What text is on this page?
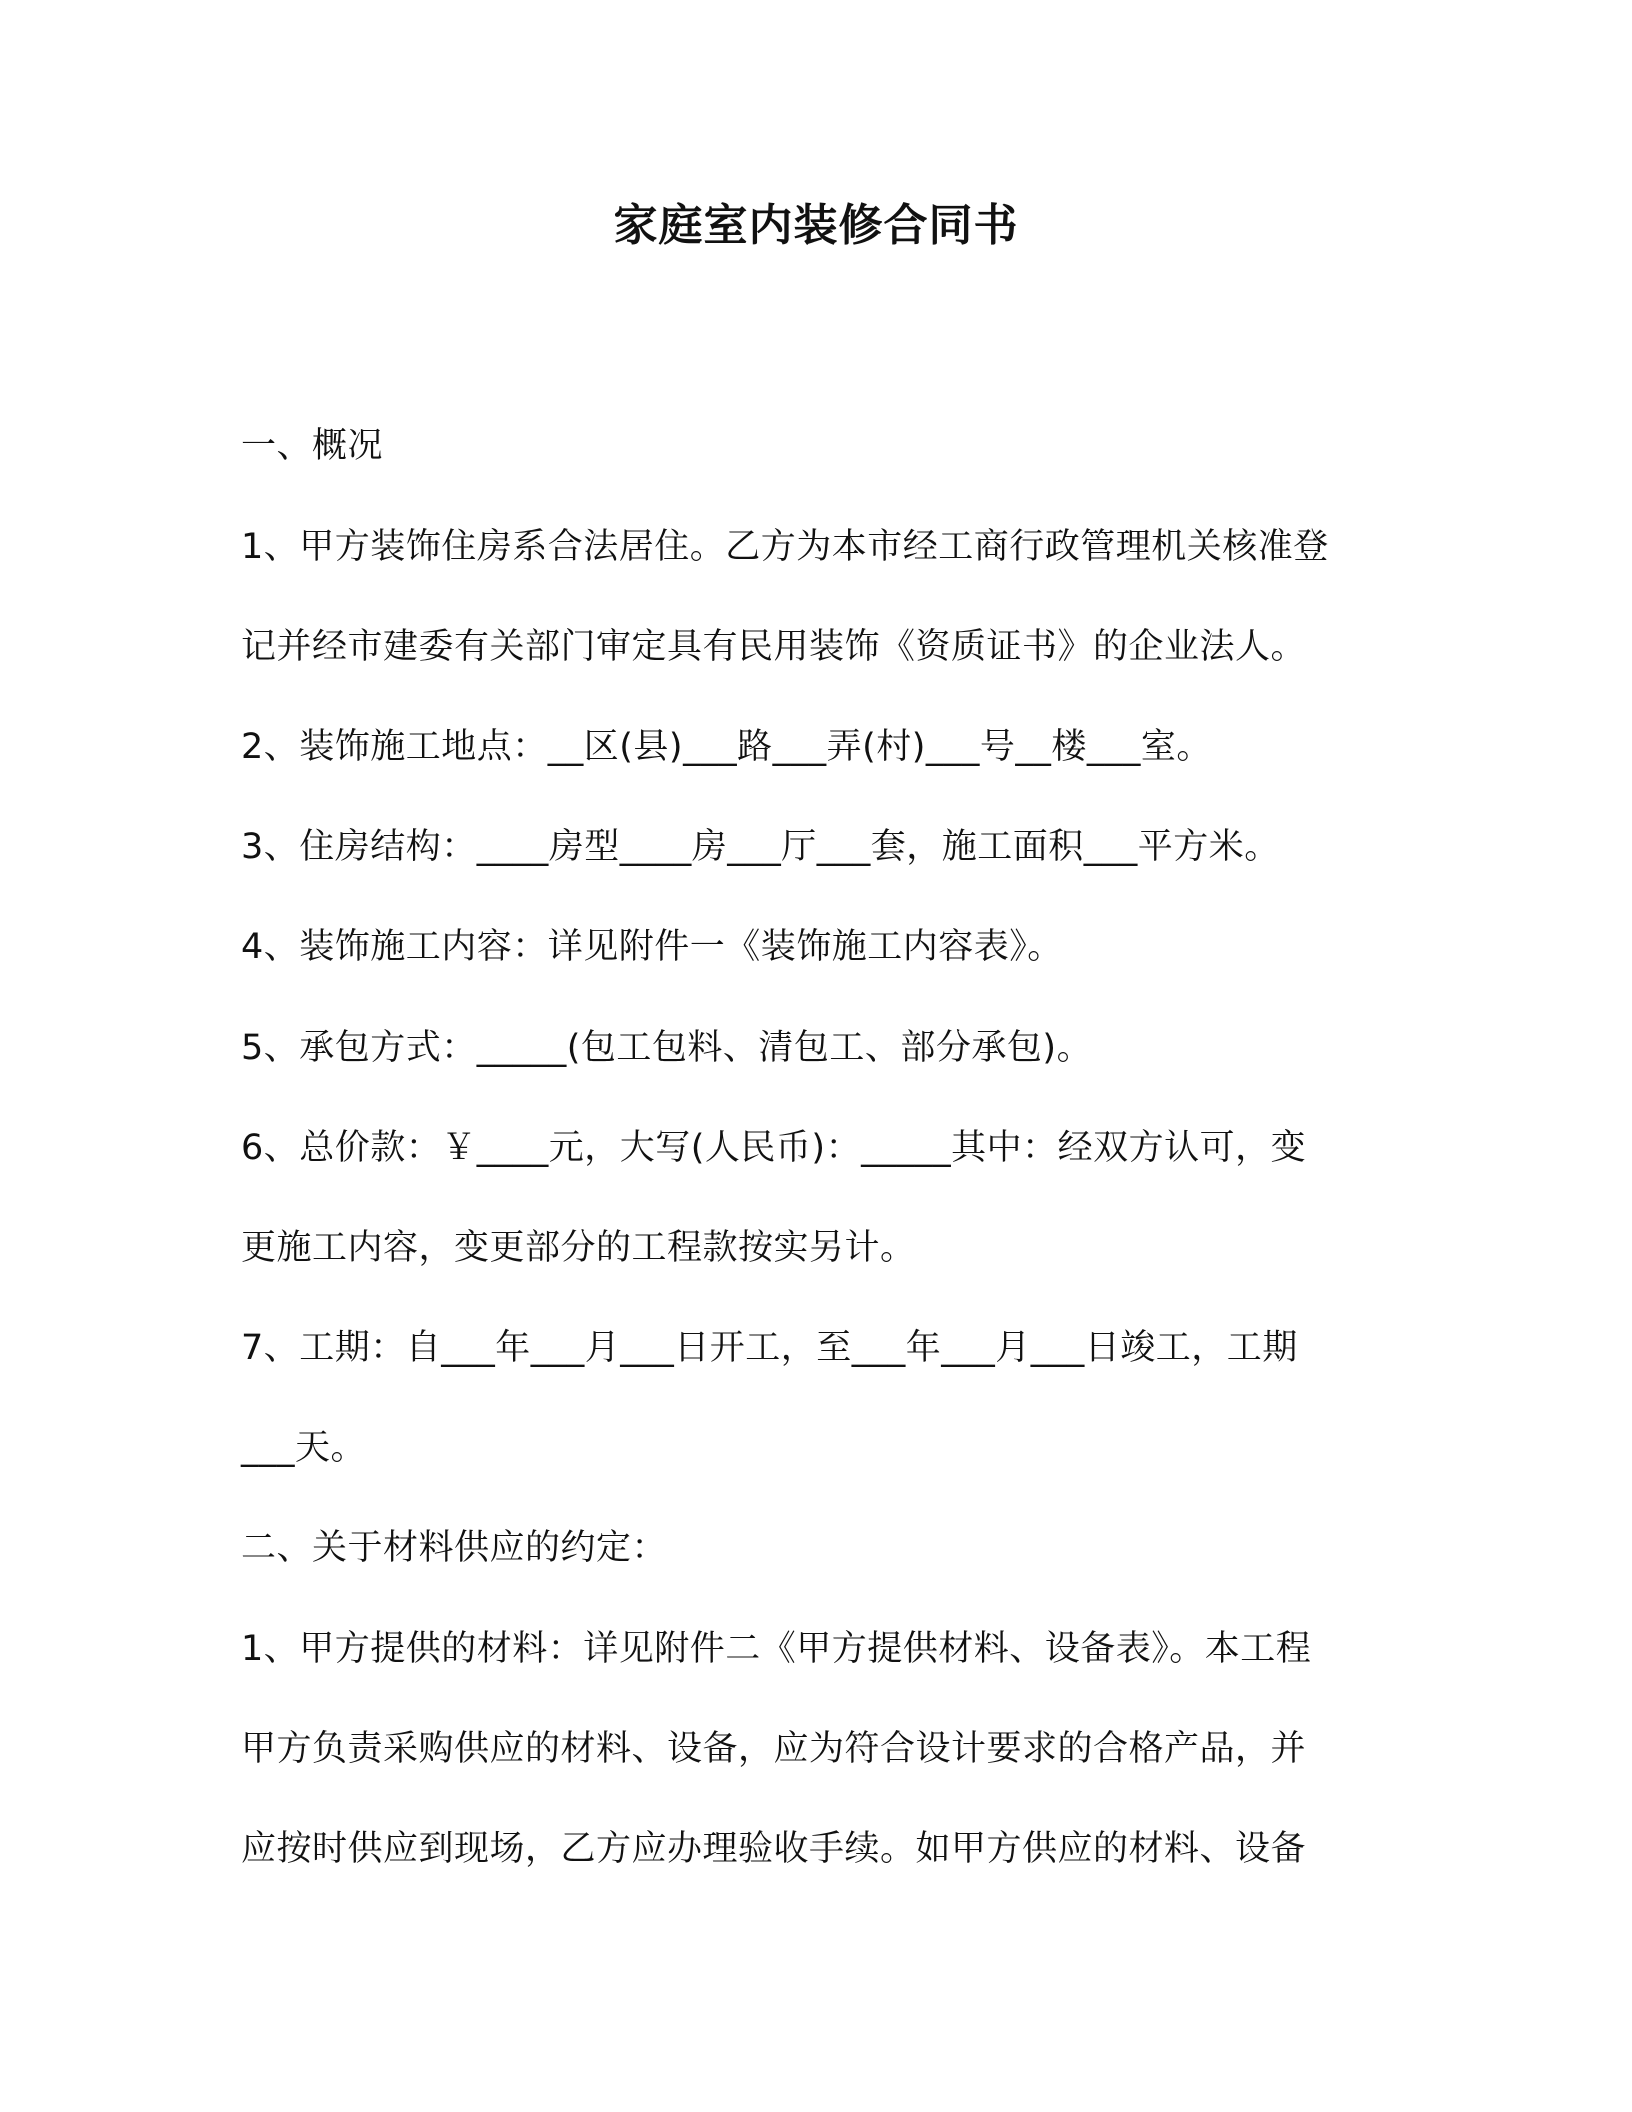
家庭室内装修合同书
一、概况
1、甲方装饰住房系合法居住。乙方为本市经工商行政管理机关核准登
记并经市建委有关部门审定具有民用装饰《资质证书》的企业法人。
2、装饰施工地点：__区(县)___路___弄(村)___号__楼___室。
3、住房结构：____房型____房___厅___套，施工面积___平方米。
4、装饰施工内容：详见附件一《装饰施工内容表》。
5、承包方式：_____(包工包料、清包工、部分承包)。
6、总价款：￥____元，大写(人民币)：_____其中：经双方认可，变
更施工内容，变更部分的工程款按实另计。
7、工期：自___年___月___日开工，至___年___月___日竣工，工期
___天。
二、关于材料供应的约定：
1、甲方提供的材料：详见附件二《甲方提供材料、设备表》。本工程
甲方负责采购供应的材料、设备，应为符合设计要求的合格产品，并
应按时供应到现场，乙方应办理验收手续。如甲方供应的材料、设备
